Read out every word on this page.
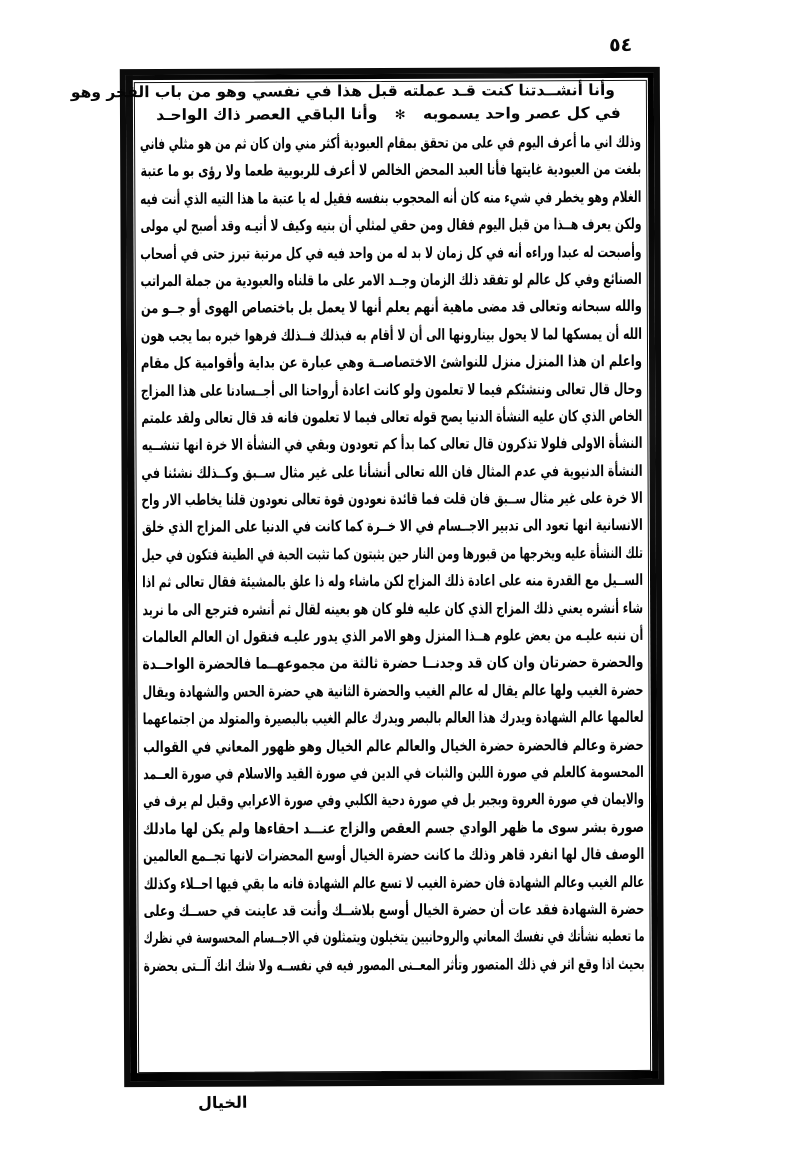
٥٤
وأنا أنشــدتنا كنت قـد عملته قبل هذا في نفسي وهو من باب الفخر وهو
في كل عصر واحد يسموبه ✻ وأنا الباقي العصر ذاك الواحـد
وذلك اني ما أعرف اليوم في على من تحقق بمقام العبودية أكثر مني وان كان ثم من هو مثلي فاني
بلغت من العبودية غايتها فأنا العبد المحض الخالص لا أعرف للربوبية طعما ولا رؤى بو ما عتبة
الغلام وهو يخطر في شيء منه كان أنه المحجوب بنفسه فقيل له يا عتبة ما هذا التيه الذي أنت فيه
ولكن يعرف هــذا من قبل اليوم فقال ومن حقي لمثلي أن بنيه وكيف لا أتيـه وقد أصبح لي مولى
وأصبحت له عبدا وراءه أنه في كل زمان لا بد له من واحد فيه في كل مرتبة تبرز حتى في أصحاب
الصنائع وفي كل عالم لو تفقد ذلك الزمان وجــد الامر على ما قلناه والعبودية من جملة المراتب
والله سبحانه وتعالى قد مضى ماهية أنهم يعلم أنها لا يعمل بل باختصاص الهوى أو جــو من
الله أن يمسكها لما لا يحول بينارونها الى أن لا أقام به فبذلك فــذلك فرهوا خبره بما يجب هون
واعلم ان هذا المنزل منزل للنواشئ الاختصاصــة وهي عبارة عن بداية وأقوامية كل مقام
وحال قال تعالى وننشئكم فيما لا تعلمون ولو كانت اعادة أرواحنا الى أجــسادنا على هذا المزاج
الخاص الذي كان عليه النشأة الدنيا يصح قوله تعالى فيما لا تعلمون فانه قد قال تعالى ولقد علمتم
النشأة الاولى فلولا تذكرون قال تعالى كما بدأ كم تعودون وبقي في النشأة الا خرة انها تنشــيه
النشأة الدنيوية في عدم المثال فان الله تعالى أنشأنا على غير مثال ســبق وكــذلك نشئنا في
الا خرة على غير مثال ســبق فان قلت فما قائدة نعودون قوة تعالى نعودون قلنا يخاطب الار واح
الانسانية انها تعود الى تدبير الاجــسام في الا خــرة كما كانت في الدنيا على المزاج الذي خلق
تلك النشأة عليه ويخرجها من قبورها ومن النار حين يثبتون كما تثبت الحبة في الطينة فتكون في حيل
الســيل مع القدرة منه على اعادة ذلك المزاج لكن ماشاء وله ذا علق بالمشيئة فقال تعالى ثم اذا
شاء أنشره يعني ذلك المزاج الذي كان عليه فلو كان هو بعينه لقال ثم أنشره فترجع الى ما نريد
أن ننبه عليـه من بعض علوم هــذا المنزل وهو الامر الذي يدور عليـه فنقول ان العالم العالمات
والحضرة حضرتان وان كان قد وجدنــا حضرة ثالثة من مجموعهــما فالحضرة الواحــدة
حضرة الغيب ولها عالم يقال له عالم الغيب والحضرة الثانية هي حضرة الحس والشهادة ويقال
لعالمها عالم الشهادة ويدرك هذا العالم بالبصر ويدرك عالم الغيب بالبصيرة والمتولد من اجتماعهما
حضرة وعالم فالحضرة حضرة الخيال والعالم عالم الخيال وهو ظهور المعاني في القوالب
المحسومة كالعلم في صورة اللبن والثبات في الدين في صورة القيد والاسلام في صورة العــمد
والايمان في صورة العروة وبجبر بل في صورة دحية الكلبي وفي صورة الاعرابي وقبل لم يرف في
صورة بشر سوى ما ظهر الوادي جسم العقص والزاج عنـــد احقاءها ولم يكن لها مادلك
الوصف قال لها انفرد قاهر وذلك ما كانت حضرة الخيال أوسع المحضرات لانها تجــمع العالمين
عالم الغيب وعالم الشهادة فان حضرة الغيب لا تسع عالم الشهادة فانه ما بقي فيها احــلاء وكذلك
حضرة الشهادة فقد عات أن حضرة الخيال أوسع بلاشــك وأنت قد عاينت في حســك وعلى
ما تعطيه نشأتك في نفسك المعاني والروحانيين يتخيلون ويتمثلون في الاجــسام المحسوسة في نظرك
بحيث اذا وقع اثر في ذلك المتصور وتأثر المعــنى المصور فيه في نفســه ولا شك انك آلــتى بحضرة
الخيال
